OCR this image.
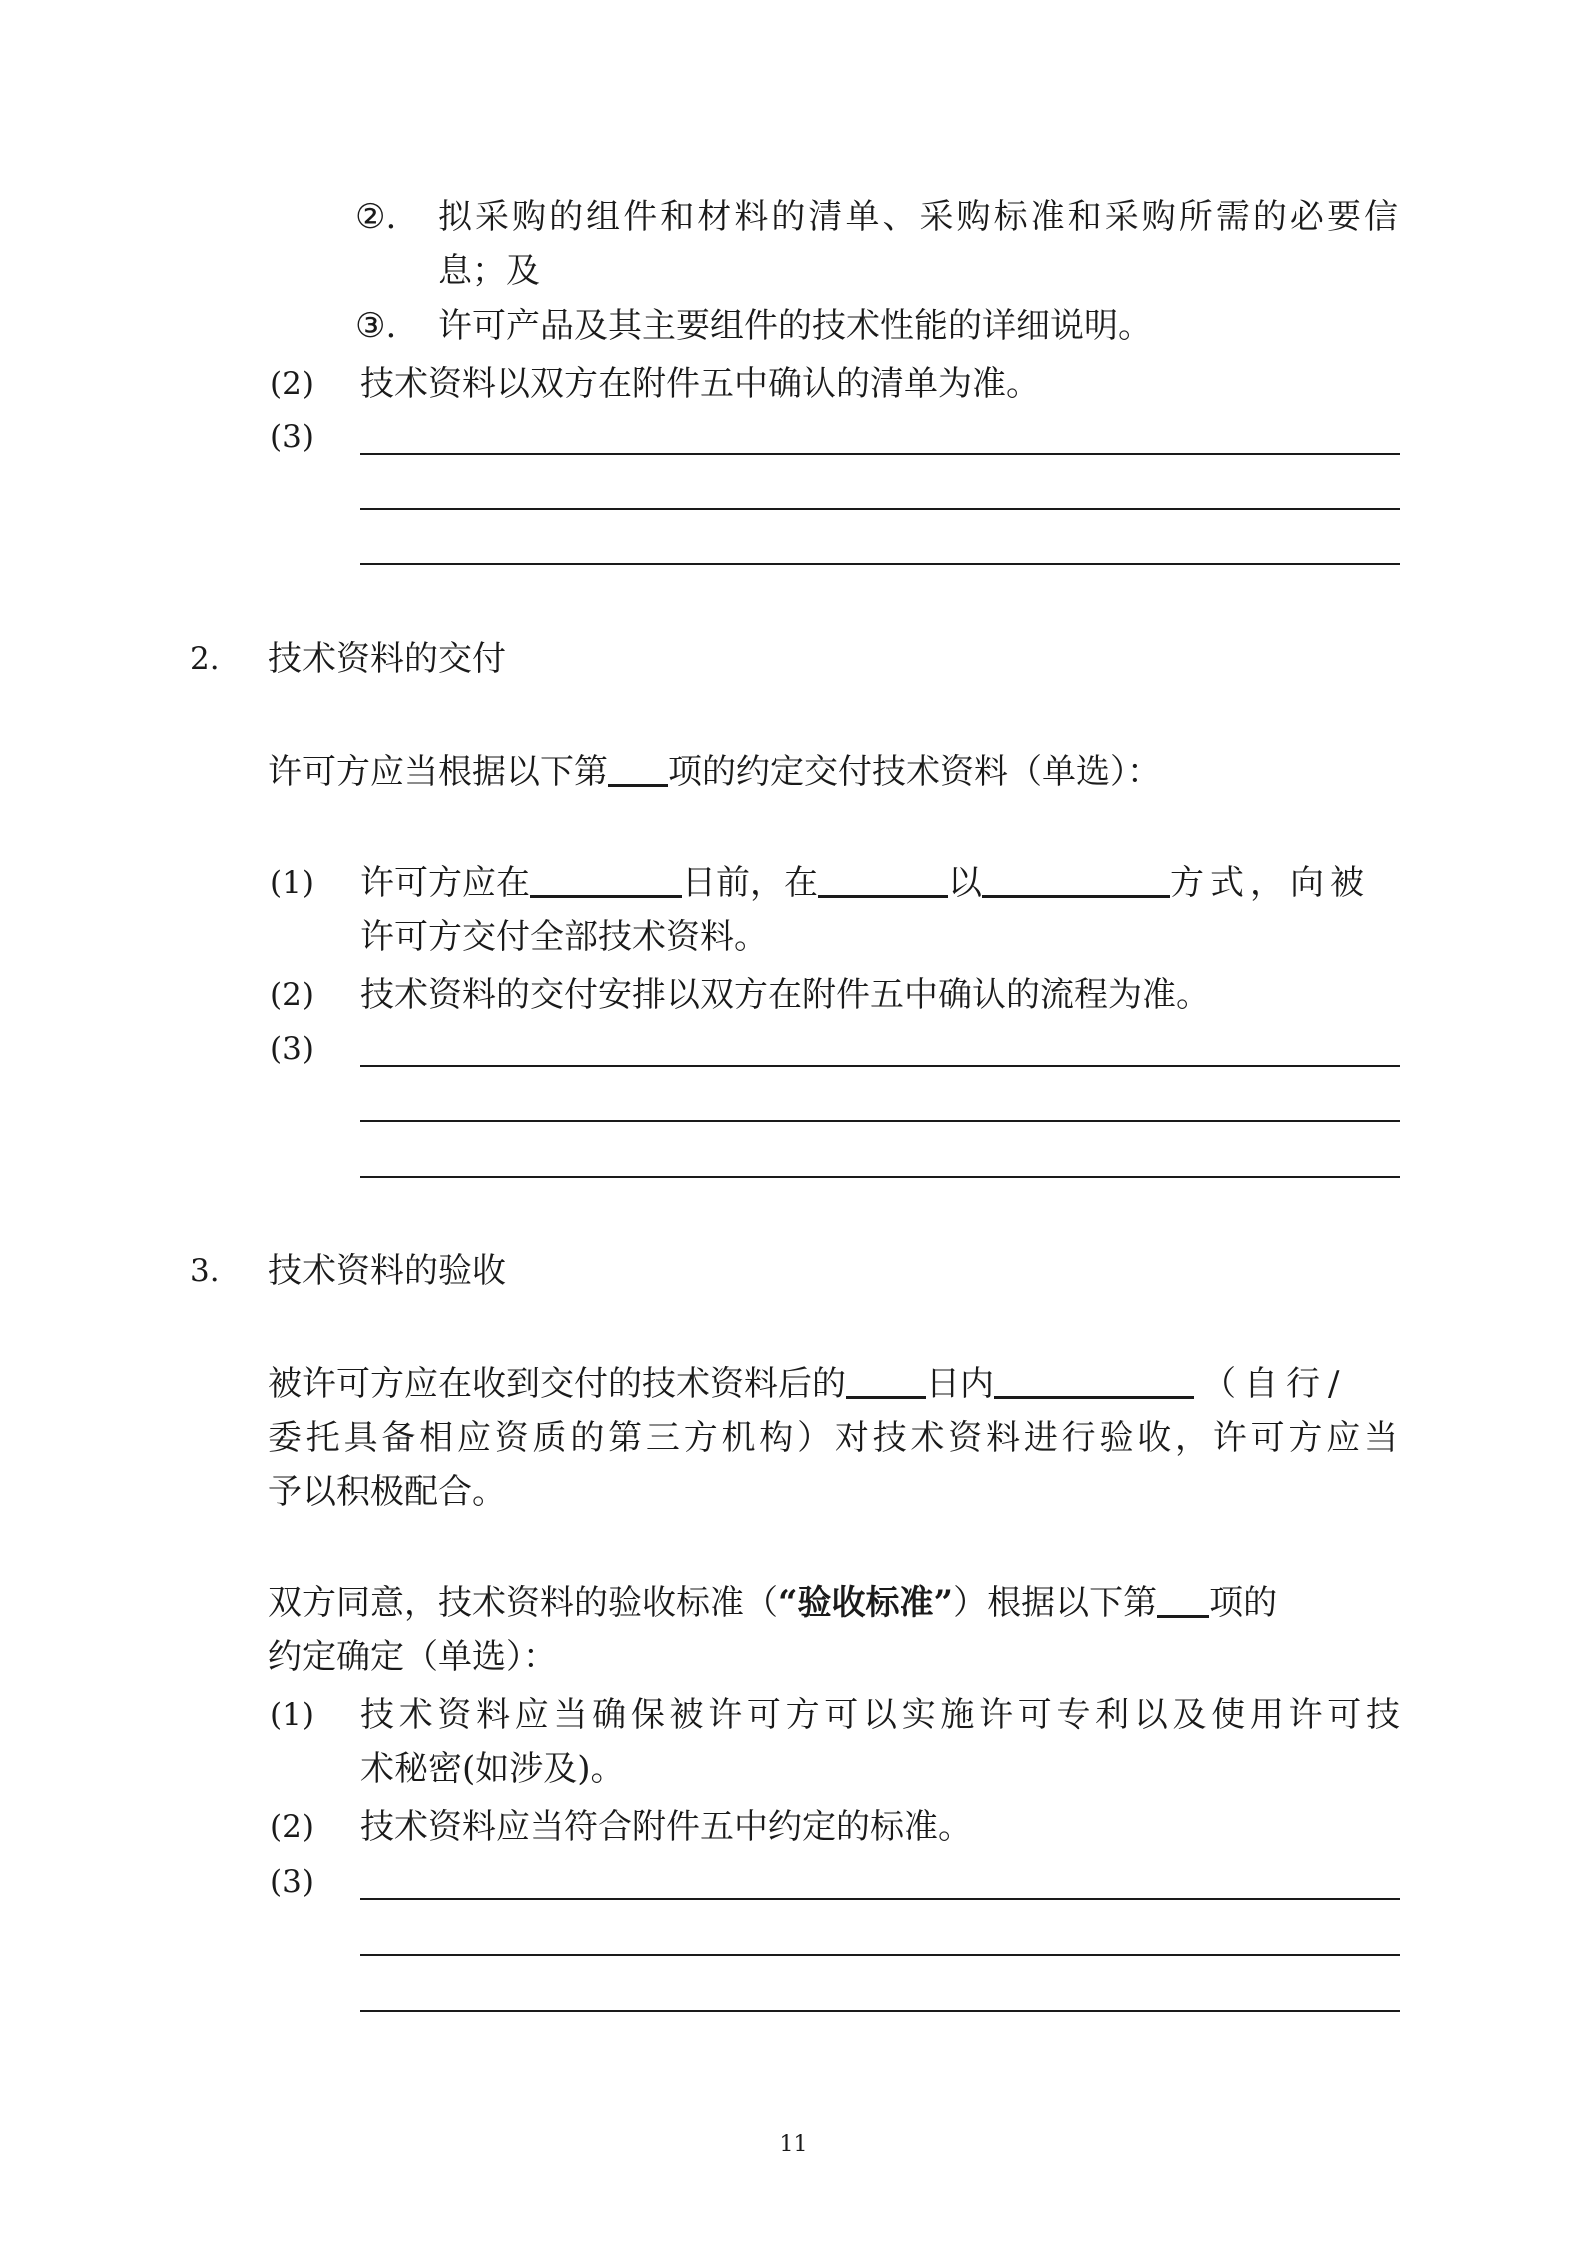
②. 拟采购的组件和材料的清单、采购标准和采购所需的必要信
息；及
③. 许可产品及其主要组件的技术性能的详细说明。
(2) 技术资料以双方在附件五中确认的清单为准。
(3)
2. 技术资料的交付
许可方应当根据以下第 项的约定交付技术资料（单选）：
(1) 许可方应在	日前，在	以	方式，向被
许可方交付全部技术资料。
(2) 技术资料的交付安排以双方在附件五中确认的流程为准。
(3)
3. 技术资料的验收
被许可方应在收到交付的技术资料后的 日内	（自行/
委托具备相应资质的第三方机构）对技术资料进行验收，许可方应当
予以积极配合。
双方同意，技术资料的验收标准（“验收标准”）根据以下第 项的
约定确定（单选）：
(1) 技术资料应当确保被许可方可以实施许可专利以及使用许可技
术秘密(如涉及)。
(2) 技术资料应当符合附件五中约定的标准。
(3)
11
